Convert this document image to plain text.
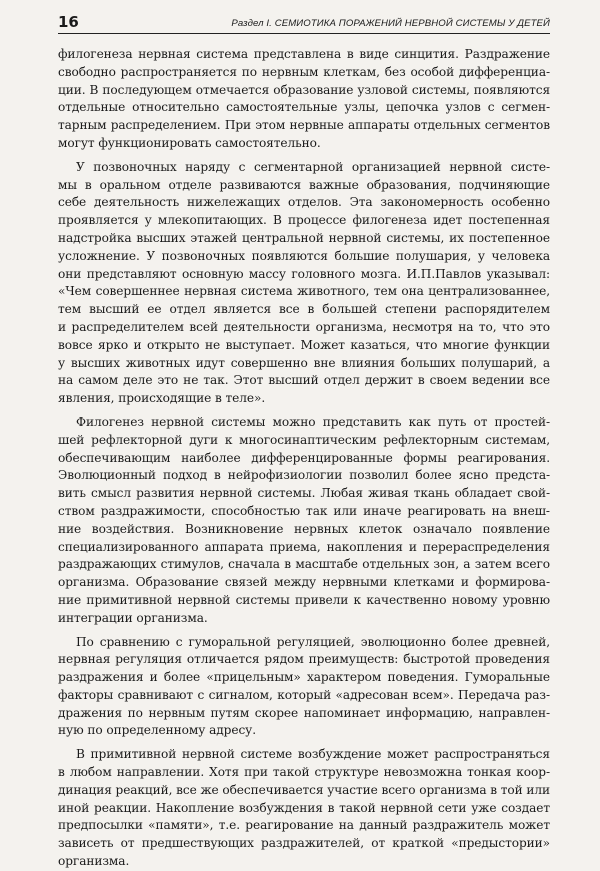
16	Раздел I. СЕМИОТИКА ПОРАЖЕНИЙ НЕРВНОЙ СИСТЕМЫ У ДЕТЕЙ
филогенеза нервная система представлена в виде синцития. Раздражение
свободно распространяется по нервным клеткам, без особой дифференциа-
ции. В последующем отмечается образование узловой системы, появляются
отдельные относительно самостоятельные узлы, цепочка узлов с сегмен-
тарным распределением. При этом нервные аппараты отдельных сегментов
могут функционировать самостоятельно.
У позвоночных наряду с сегментарной организацией нервной систе-
мы в оральном отделе развиваются важные образования, подчиняющие
себе деятельность нижележащих отделов. Эта закономерность особенно
проявляется у млекопитающих. В процессе филогенеза идет постепенная
надстройка высших этажей центральной нервной системы, их постепенное
усложнение. У позвоночных появляются большие полушария, у человека
они представляют основную массу головного мозга. И.П.Павлов указывал:
«Чем совершеннее нервная система животного, тем она централизованнее,
тем высший ее отдел является все в большей степени распорядителем
и распределителем всей деятельности организма, несмотря на то, что это
вовсе ярко и открыто не выступает. Может казаться, что многие функции
у высших животных идут совершенно вне влияния больших полушарий, а
на самом деле это не так. Этот высший отдел держит в своем ведении все
явления, происходящие в теле».
Филогенез нервной системы можно представить как путь от простей-
шей рефлекторной дуги к многосинаптическим рефлекторным системам,
обеспечивающим наиболее дифференцированные формы реагирования.
Эволюционный подход в нейрофизиологии позволил более ясно предста-
вить смысл развития нервной системы. Любая живая ткань обладает свой-
ством раздражимости, способностью так или иначе реагировать на внеш-
ние воздействия. Возникновение нервных клеток означало появление
специализированного аппарата приема, накопления и перераспределения
раздражающих стимулов, сначала в масштабе отдельных зон, а затем всего
организма. Образование связей между нервными клетками и формирова-
ние примитивной нервной системы привели к качественно новому уровню
интеграции организма.
По сравнению с гуморальной регуляцией, эволюционно более древней,
нервная регуляция отличается рядом преимуществ: быстротой проведения
раздражения и более «прицельным» характером поведения. Гуморальные
факторы сравнивают с сигналом, который «адресован всем». Передача раз-
дражения по нервным путям скорее напоминает информацию, направлен-
ную по определенному адресу.
В примитивной нервной системе возбуждение может распространяться
в любом направлении. Хотя при такой структуре невозможна тонкая коор-
динация реакций, все же обеспечивается участие всего организма в той или
иной реакции. Накопление возбуждения в такой нервной сети уже создает
предпосылки «памяти», т.е. реагирование на данный раздражитель может
зависеть от предшествующих раздражителей, от краткой «предыстории»
организма.
